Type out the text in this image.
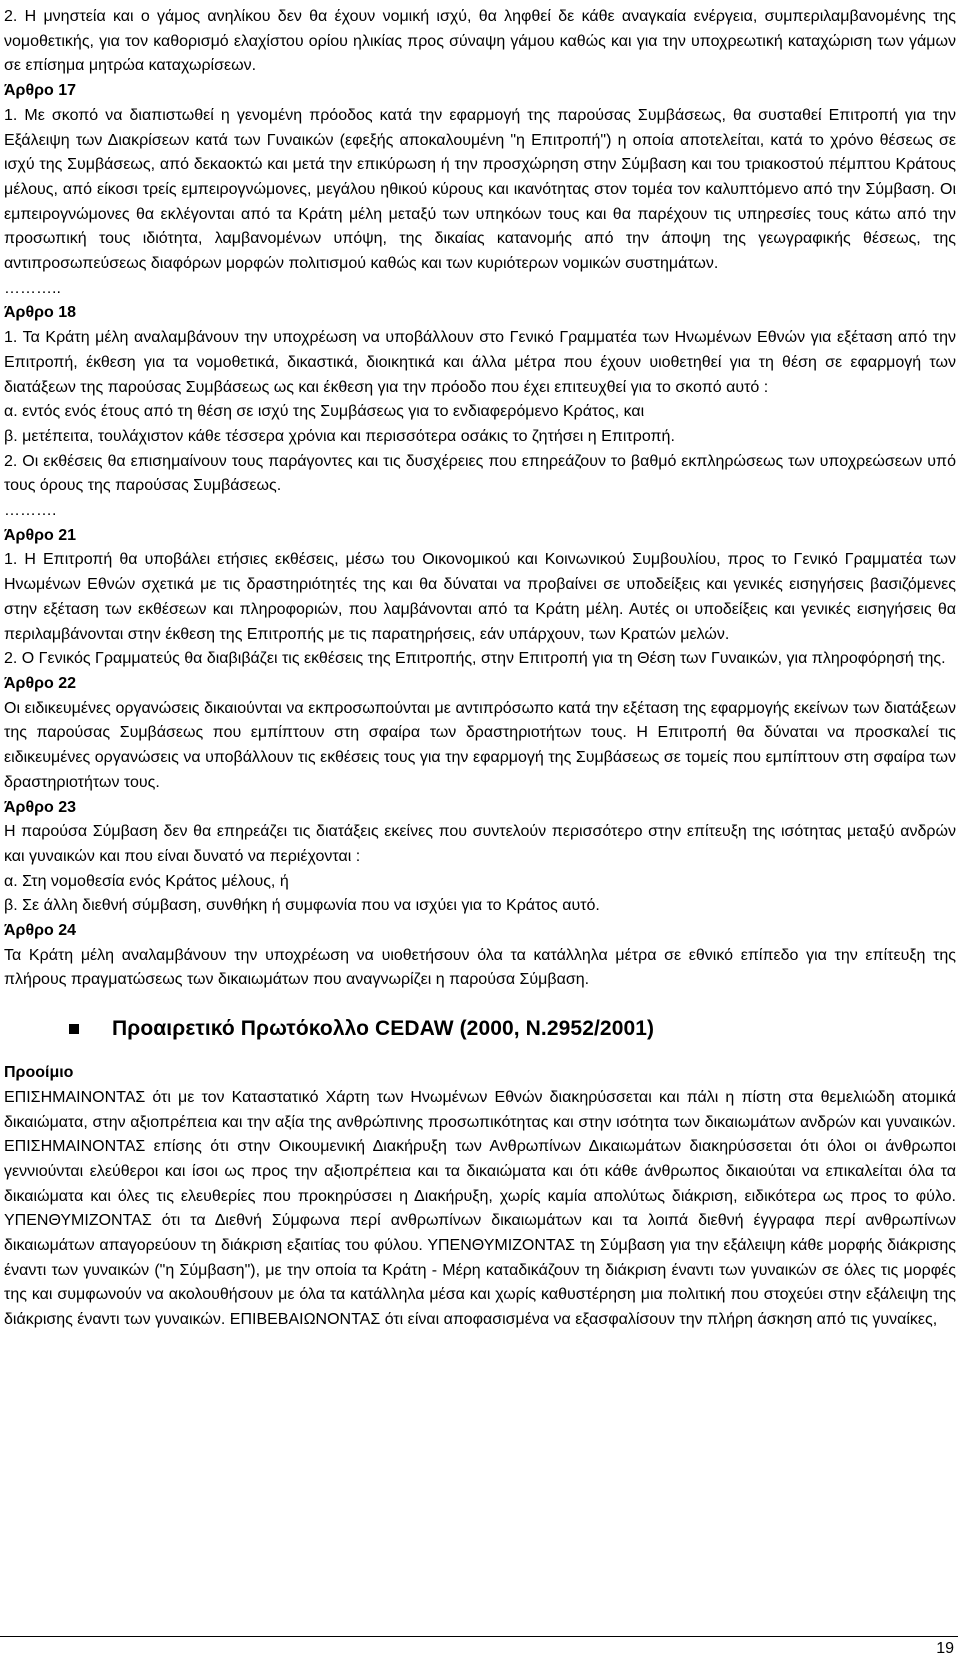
2. Η μνηστεία και ο γάμος ανηλίκου δεν θα έχουν νομική ισχύ, θα ληφθεί δε κάθε αναγκαία ενέργεια, συμπεριλαμβανομένης της νομοθετικής, για τον καθορισμό ελαχίστου ορίου ηλικίας προς σύναψη γάμου καθώς και για την υποχρεωτική καταχώριση των γάμων σε επίσημα μητρώα καταχωρίσεων.

Άρθρο 17

1. Με σκοπό να διαπιστωθεί η γενομένη πρόοδος κατά την εφαρμογή της παρούσας Συμβάσεως, θα συσταθεί Επιτροπή για την Εξάλειψη των Διακρίσεων κατά των Γυναικών (εφεξής αποκαλουμένη "η Επιτροπή") η οποία αποτελείται, κατά το χρόνο θέσεως σε ισχύ της Συμβάσεως, από δεκαοκτώ και μετά την επικύρωση ή την προσχώρηση στην Σύμβαση και του τριακοστού πέμπτου Κράτους μέλους, από είκοσι τρείς εμπειρογνώμονες, μεγάλου ηθικού κύρους και ικανότητας στον τομέα τον καλυπτόμενο από την Σύμβαση. Οι εμπειρογνώμονες θα εκλέγονται από τα Κράτη μέλη μεταξύ των υπηκόων τους και θα παρέχουν τις υπηρεσίες τους κάτω από την προσωπική τους ιδιότητα, λαμβανομένων υπόψη, της δικαίας κατανομής από την άποψη της γεωγραφικής θέσεως, της αντιπροσωπεύσεως διαφόρων μορφών πολιτισμού καθώς και των κυριότερων νομικών συστημάτων.

………..

Άρθρο 18

1. Τα Κράτη μέλη αναλαμβάνουν την υποχρέωση να υποβάλλουν στο Γενικό Γραμματέα των Ηνωμένων Εθνών για εξέταση από την Επιτροπή, έκθεση για τα νομοθετικά, δικαστικά, διοικητικά και άλλα μέτρα που έχουν υιοθετηθεί για τη θέση σε εφαρμογή των διατάξεων της παρούσας Συμβάσεως ως και έκθεση για την πρόοδο που έχει επιτευχθεί για το σκοπό αυτό :

α. εντός ενός έτους από τη θέση σε ισχύ της Συμβάσεως για το ενδιαφερόμενο Κράτος, και

β. μετέπειτα, τουλάχιστον κάθε τέσσερα χρόνια και περισσότερα οσάκις το ζητήσει η Επιτροπή.

2. Οι εκθέσεις θα επισημαίνουν τους παράγοντες και τις δυσχέρειες που επηρεάζουν το βαθμό εκπληρώσεως των υποχρεώσεων υπό τους όρους της παρούσας Συμβάσεως.

……….

Άρθρο 21

1. Η Επιτροπή θα υποβάλει ετήσιες εκθέσεις, μέσω του Οικονομικού και Κοινωνικού Συμβουλίου, προς το Γενικό Γραμματέα των Ηνωμένων Εθνών σχετικά με τις δραστηριότητές της και θα δύναται να προβαίνει σε υποδείξεις και γενικές εισηγήσεις βασιζόμενες στην εξέταση των εκθέσεων και πληροφοριών, που λαμβάνονται από τα Κράτη μέλη. Αυτές οι υποδείξεις και γενικές εισηγήσεις θα περιλαμβάνονται στην έκθεση της Επιτροπής με τις παρατηρήσεις, εάν υπάρχουν, των Κρατών μελών.

2. Ο Γενικός Γραμματεύς θα διαβιβάζει τις εκθέσεις της Επιτροπής, στην Επιτροπή για τη Θέση των Γυναικών, για πληροφόρησή της.

Άρθρο 22

Οι ειδικευμένες οργανώσεις δικαιούνται να εκπροσωπούνται με αντιπρόσωπο κατά την εξέταση της εφαρμογής εκείνων των διατάξεων της παρούσας Συμβάσεως που εμπίπτουν στη σφαίρα των δραστηριοτήτων τους. Η Επιτροπή θα δύναται να προσκαλεί τις ειδικευμένες οργανώσεις να υποβάλλουν τις εκθέσεις τους για την εφαρμογή της Συμβάσεως σε τομείς που εμπίπτουν στη σφαίρα των δραστηριοτήτων τους.

Άρθρο 23

Η παρούσα Σύμβαση δεν θα επηρεάζει τις διατάξεις εκείνες που συντελούν περισσότερο στην επίτευξη της ισότητας μεταξύ ανδρών και γυναικών και που είναι δυνατό να περιέχονται :

α. Στη νομοθεσία ενός Κράτος μέλους, ή

β. Σε άλλη διεθνή σύμβαση, συνθήκη ή συμφωνία που να ισχύει για το Κράτος αυτό.

Άρθρο 24

Τα Κράτη μέλη αναλαμβάνουν την υποχρέωση να υιοθετήσουν όλα τα κατάλληλα μέτρα σε εθνικό επίπεδο για την επίτευξη της πλήρους πραγματώσεως των δικαιωμάτων που αναγνωρίζει η παρούσα Σύμβαση.

Προαιρετικό Πρωτόκολλο CEDAW (2000, Ν.2952/2001)

Προοίμιο

ΕΠΙΣΗΜΑΙΝΟΝΤΑΣ ότι με τον Καταστατικό Χάρτη των Ηνωμένων Εθνών διακηρύσσεται και πάλι η πίστη στα θεμελιώδη ατομικά δικαιώματα, στην αξιοπρέπεια και την αξία της ανθρώπινης προσωπικότητας και στην ισότητα των δικαιωμάτων ανδρών και γυναικών. ΕΠΙΣΗΜΑΙΝΟΝΤΑΣ επίσης ότι στην Οικουμενική Διακήρυξη των Ανθρωπίνων Δικαιωμάτων διακηρύσσεται ότι όλοι οι άνθρωποι γεννιούνται ελεύθεροι και ίσοι ως προς την αξιοπρέπεια και τα δικαιώματα και ότι κάθε άνθρωπος δικαιούται να επικαλείται όλα τα δικαιώματα και όλες τις ελευθερίες που προκηρύσσει η Διακήρυξη, χωρίς καμία απολύτως διάκριση, ειδικότερα ως προς το φύλο. ΥΠΕΝΘΥΜΙΖΟΝΤΑΣ ότι τα Διεθνή Σύμφωνα περί ανθρωπίνων δικαιωμάτων και τα λοιπά διεθνή έγγραφα περί ανθρωπίνων δικαιωμάτων απαγορεύουν τη διάκριση εξαιτίας του φύλου. ΥΠΕΝΘΥΜΙΖΟΝΤΑΣ τη Σύμβαση για την εξάλειψη κάθε μορφής διάκρισης έναντι των γυναικών ("η Σύμβαση"), με την οποία τα Κράτη - Μέρη καταδικάζουν τη διάκριση έναντι των γυναικών σε όλες τις μορφές της και συμφωνούν να ακολουθήσουν με όλα τα κατάλληλα μέσα και χωρίς καθυστέρηση μια πολιτική που στοχεύει στην εξάλειψη της διάκρισης έναντι των γυναικών. ΕΠΙΒΕΒΑΙΩΝΟΝΤΑΣ ότι είναι αποφασισμένα να εξασφαλίσουν την πλήρη άσκηση από τις γυναίκες,

19
